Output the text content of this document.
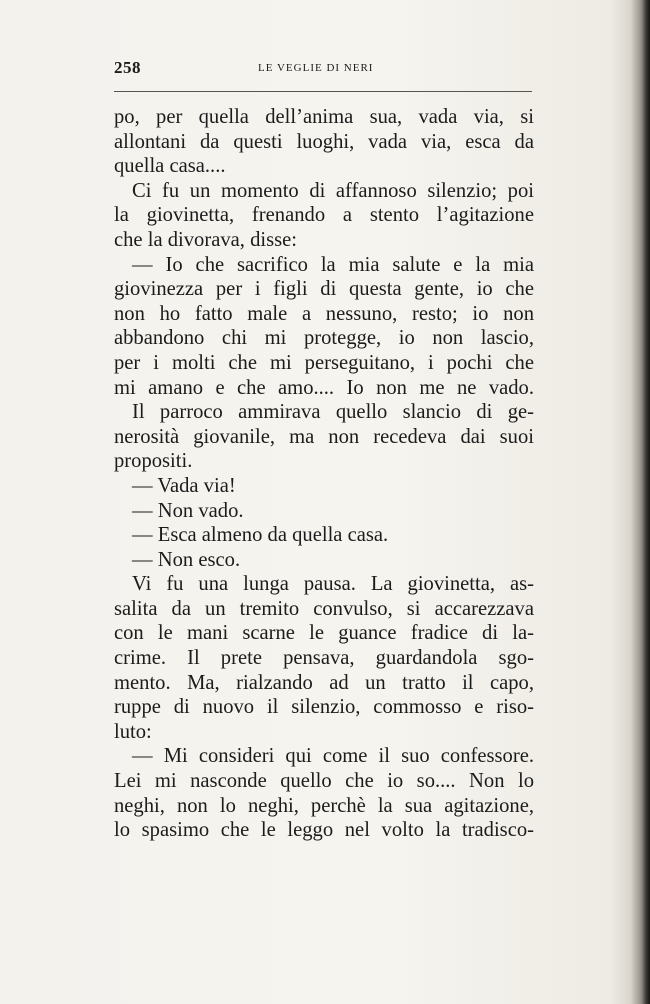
258	LE VEGLIE DI NERI
po, per quella dell’anima sua, vada via, si
allontani da questi luoghi, vada via, esca da
quella casa....
Ci fu un momento di affannoso silenzio; poi
la giovinetta, frenando a stento l’agitazione
che la divorava, disse:
— Io che sacrifico la mia salute e la mia
giovinezza per i figli di questa gente, io che
non ho fatto male a nessuno, resto; io non
abbandono chi mi protegge, io non lascio,
per i molti che mi perseguitano, i pochi che
mi amano e che amo.... Io non me ne vado.
Il parroco ammirava quello slancio di ge-
nerosità giovanile, ma non recedeva dai suoi
propositi.
— Vada via!
— Non vado.
— Esca almeno da quella casa.
— Non esco.
Vi fu una lunga pausa. La giovinetta, as-
salita da un tremito convulso, si accarezzava
con le mani scarne le guance fradice di la-
crime. Il prete pensava, guardandola sgo-
mento. Ma, rialzando ad un tratto il capo,
ruppe di nuovo il silenzio, commosso e riso-
luto:
— Mi consideri qui come il suo confessore.
Lei mi nasconde quello che io so.... Non lo
neghi, non lo neghi, perchè la sua agitazione,
lo spasimo che le leggo nel volto la tradisco-
